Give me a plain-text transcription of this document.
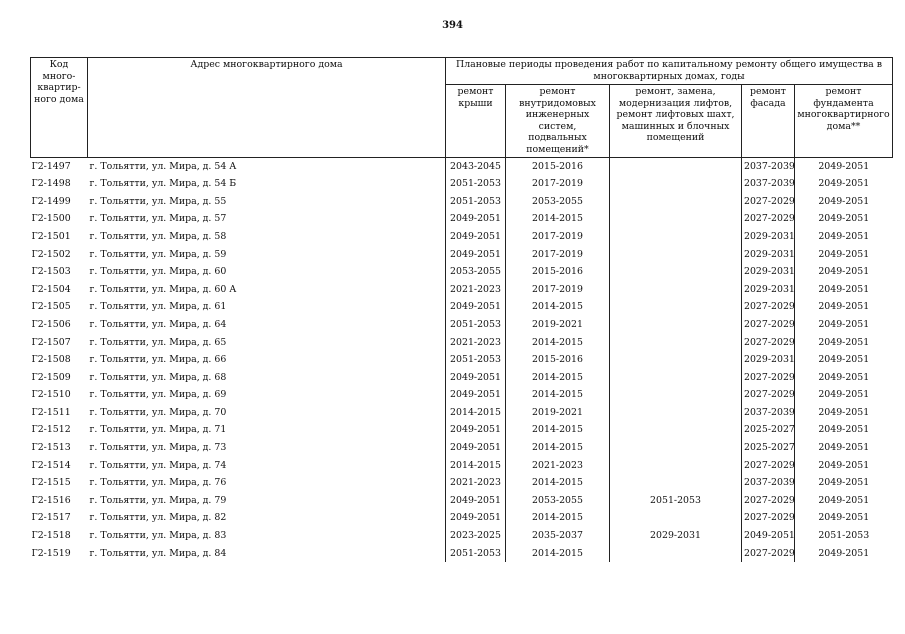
394
Код много-квартир-ного дома	Адрес многоквартирного дома	Плановые периоды проведения работ по капитальному ремонту общего имущества в многоквартирных домах, годы				
		ремонт крыши	ремонт внутридомовых инженерных систем, подвальных помещений*	ремонт, замена, модернизация лифтов, ремонт лифтовых шахт, машинных и блочных помещений	ремонт фасада	ремонт фундамента многоквартирного дома**
Г2-1497	г. Тольятти, ул. Мира, д. 54 А	2043-2045	2015-2016		2037-2039	2049-2051
Г2-1498	г. Тольятти, ул. Мира, д. 54 Б	2051-2053	2017-2019		2037-2039	2049-2051
Г2-1499	г. Тольятти, ул. Мира, д. 55	2051-2053	2053-2055		2027-2029	2049-2051
Г2-1500	г. Тольятти, ул. Мира, д. 57	2049-2051	2014-2015		2027-2029	2049-2051
Г2-1501	г. Тольятти, ул. Мира, д. 58	2049-2051	2017-2019		2029-2031	2049-2051
Г2-1502	г. Тольятти, ул. Мира, д. 59	2049-2051	2017-2019		2029-2031	2049-2051
Г2-1503	г. Тольятти, ул. Мира, д. 60	2053-2055	2015-2016		2029-2031	2049-2051
Г2-1504	г. Тольятти, ул. Мира, д. 60 А	2021-2023	2017-2019		2029-2031	2049-2051
Г2-1505	г. Тольятти, ул. Мира, д. 61	2049-2051	2014-2015		2027-2029	2049-2051
Г2-1506	г. Тольятти, ул. Мира, д. 64	2051-2053	2019-2021		2027-2029	2049-2051
Г2-1507	г. Тольятти, ул. Мира, д. 65	2021-2023	2014-2015		2027-2029	2049-2051
Г2-1508	г. Тольятти, ул. Мира, д. 66	2051-2053	2015-2016		2029-2031	2049-2051
Г2-1509	г. Тольятти, ул. Мира, д. 68	2049-2051	2014-2015		2027-2029	2049-2051
Г2-1510	г. Тольятти, ул. Мира, д. 69	2049-2051	2014-2015		2027-2029	2049-2051
Г2-1511	г. Тольятти, ул. Мира, д. 70	2014-2015	2019-2021		2037-2039	2049-2051
Г2-1512	г. Тольятти, ул. Мира, д. 71	2049-2051	2014-2015		2025-2027	2049-2051
Г2-1513	г. Тольятти, ул. Мира, д. 73	2049-2051	2014-2015		2025-2027	2049-2051
Г2-1514	г. Тольятти, ул. Мира, д. 74	2014-2015	2021-2023		2027-2029	2049-2051
Г2-1515	г. Тольятти, ул. Мира, д. 76	2021-2023	2014-2015		2037-2039	2049-2051
Г2-1516	г. Тольятти, ул. Мира, д. 79	2049-2051	2053-2055	2051-2053	2027-2029	2049-2051
Г2-1517	г. Тольятти, ул. Мира, д. 82	2049-2051	2014-2015		2027-2029	2049-2051
Г2-1518	г. Тольятти, ул. Мира, д. 83	2023-2025	2035-2037	2029-2031	2049-2051	2051-2053
Г2-1519	г. Тольятти, ул. Мира, д. 84	2051-2053	2014-2015		2027-2029	2049-2051
